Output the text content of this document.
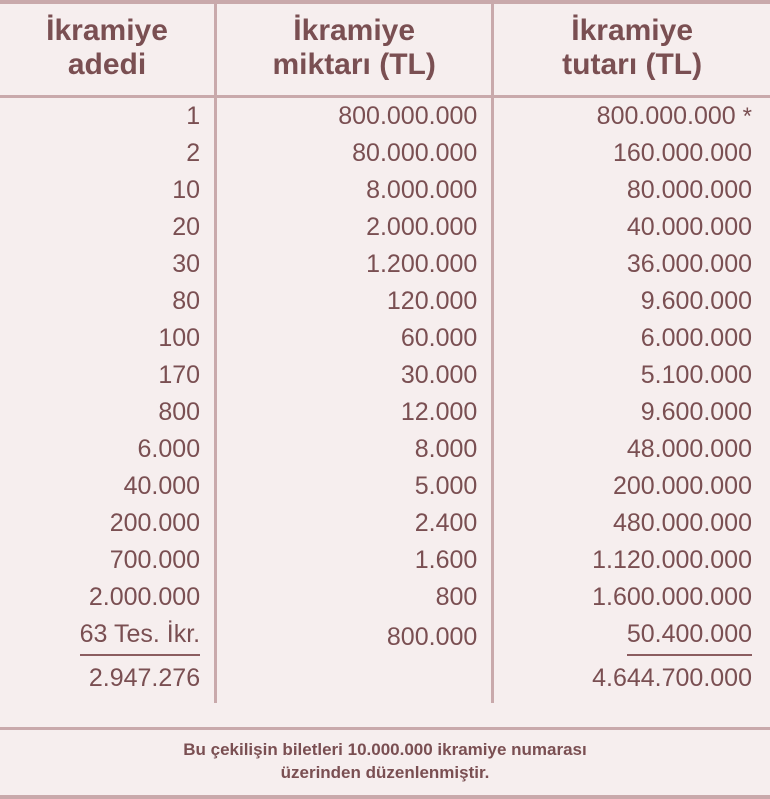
İkramiye
adedi
	İkramiye
miktarı (TL)
	İkramiye
tutarı (TL)
1	800.000.000	800.000.000 *
2	80.000.000	160.000.000
10	8.000.000	80.000.000
20	2.000.000	40.000.000
30	1.200.000	36.000.000
80	120.000	9.600.000
100	60.000	6.000.000
170	30.000	5.100.000
800	12.000	9.600.000
6.000	8.000	48.000.000
40.000	5.000	200.000.000
200.000	2.400	480.000.000
700.000	1.600	1.120.000.000
2.000.000	800	1.600.000.000
63 Tes. İkr.	800.000	50.400.000
2.947.276		4.644.700.000
Bu çekilişin biletleri 10.000.000 ikramiye numarası
üzerinden düzenlenmiştir.
